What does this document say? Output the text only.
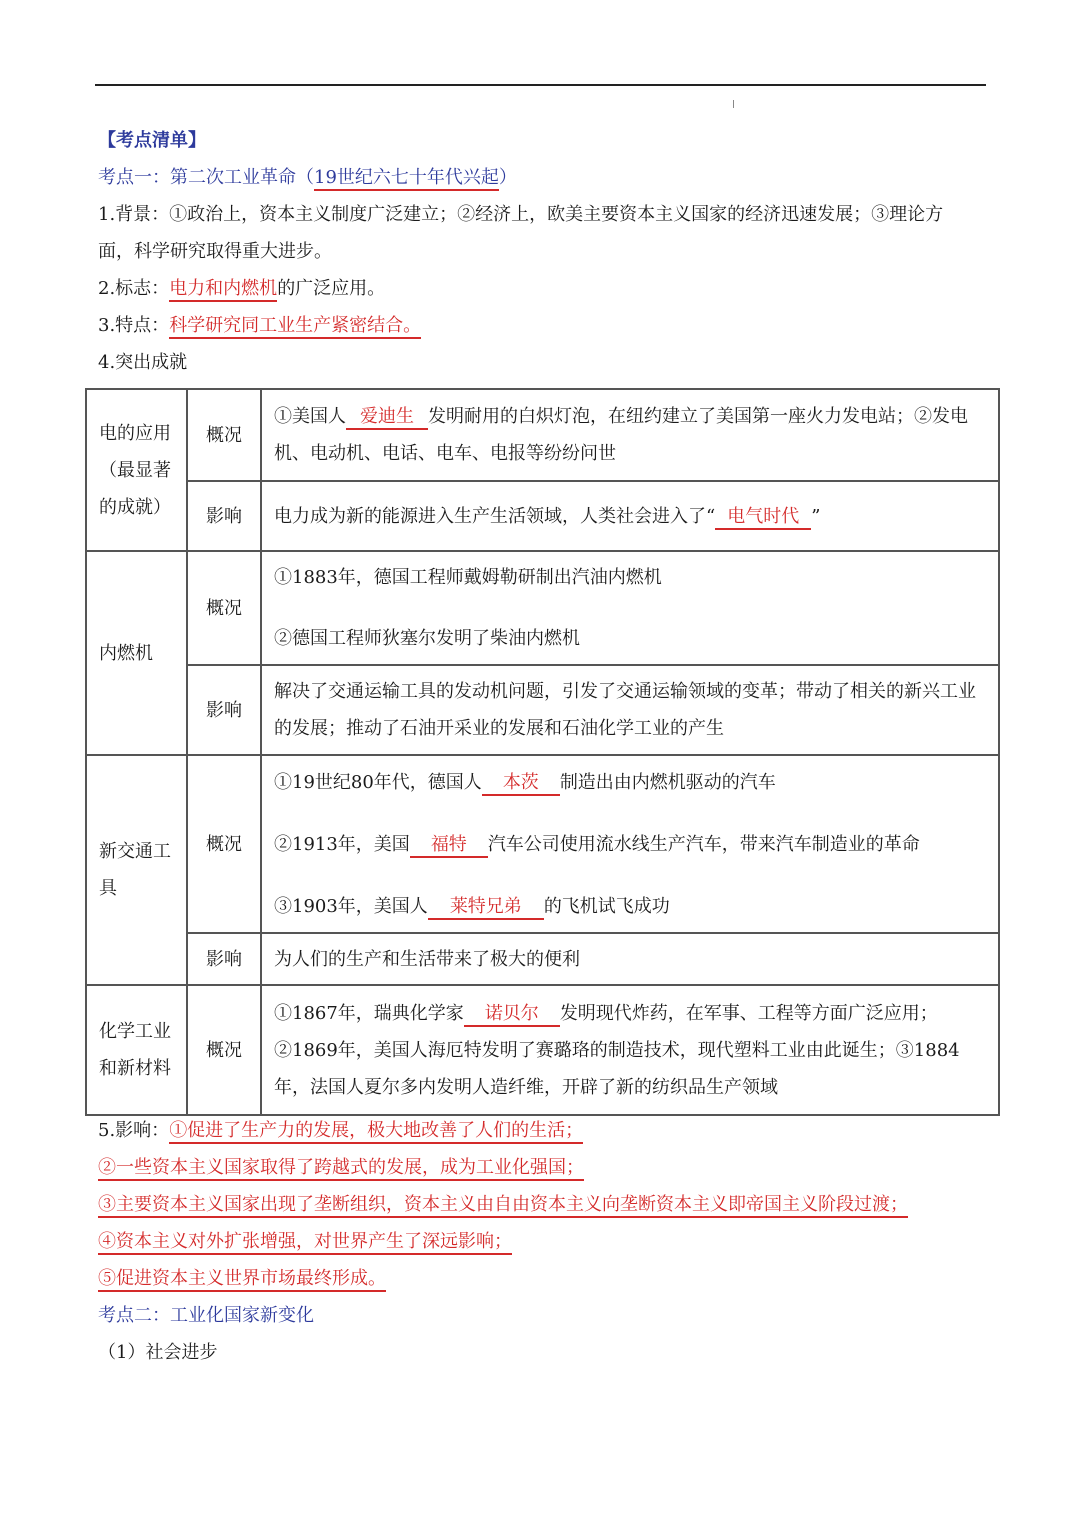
【考点清单】
考点一：第二次工业革命（19世纪六七十年代兴起）
1.背景：①政治上，资本主义制度广泛建立；②经济上，欧美主要资本主义国家的经济迅速发展；③理论方
面，科学研究取得重大进步。
2.标志：电力和内燃机的广泛应用。
3.特点：科学研究同工业生产紧密结合。
4.突出成就
电的应用（最显著的成就）	概况	①美国人 爱迪生 发明耐用的白炽灯泡，在纽约建立了美国第一座火力发电站；②发电机、电动机、电话、电车、电报等纷纷问世
	影响	电力成为新的能源进入生产生活领域，人类社会进入了“ 电气时代 ”
内燃机	概况	①1883年，德国工程师戴姆勒研制出汽油内燃机
②德国工程师狄塞尔发明了柴油内燃机

	影响	解决了交通运输工具的发动机问题，引发了交通运输领域的变革；带动了相关的新兴工业的发展；推动了石油开采业的发展和石油化学工业的产生
新交通工具	概况	①19世纪80年代，德国人 本茨 制造出由内燃机驱动的汽车
②1913年，美国 福特 汽车公司使用流水线生产汽车，带来汽车制造业的革命
③1903年，美国人 莱特兄弟 的飞机试飞成功

	影响	为人们的生产和生活带来了极大的便利
化学工业和新材料	概况	①1867年，瑞典化学家 诺贝尔 发明现代炸药，在军事、工程等方面广泛应用；②1869年，美国人海厄特发明了赛璐珞的制造技术，现代塑料工业由此诞生；③1884年，法国人夏尔多内发明人造纤维，开辟了新的纺织品生产领域
5.影响：①促进了生产力的发展，极大地改善了人们的生活；
②一些资本主义国家取得了跨越式的发展，成为工业化强国；
③主要资本主义国家出现了垄断组织，资本主义由自由资本主义向垄断资本主义即帝国主义阶段过渡；
④资本主义对外扩张增强，对世界产生了深远影响；
⑤促进资本主义世界市场最终形成。
考点二：工业化国家新变化
（1）社会进步
